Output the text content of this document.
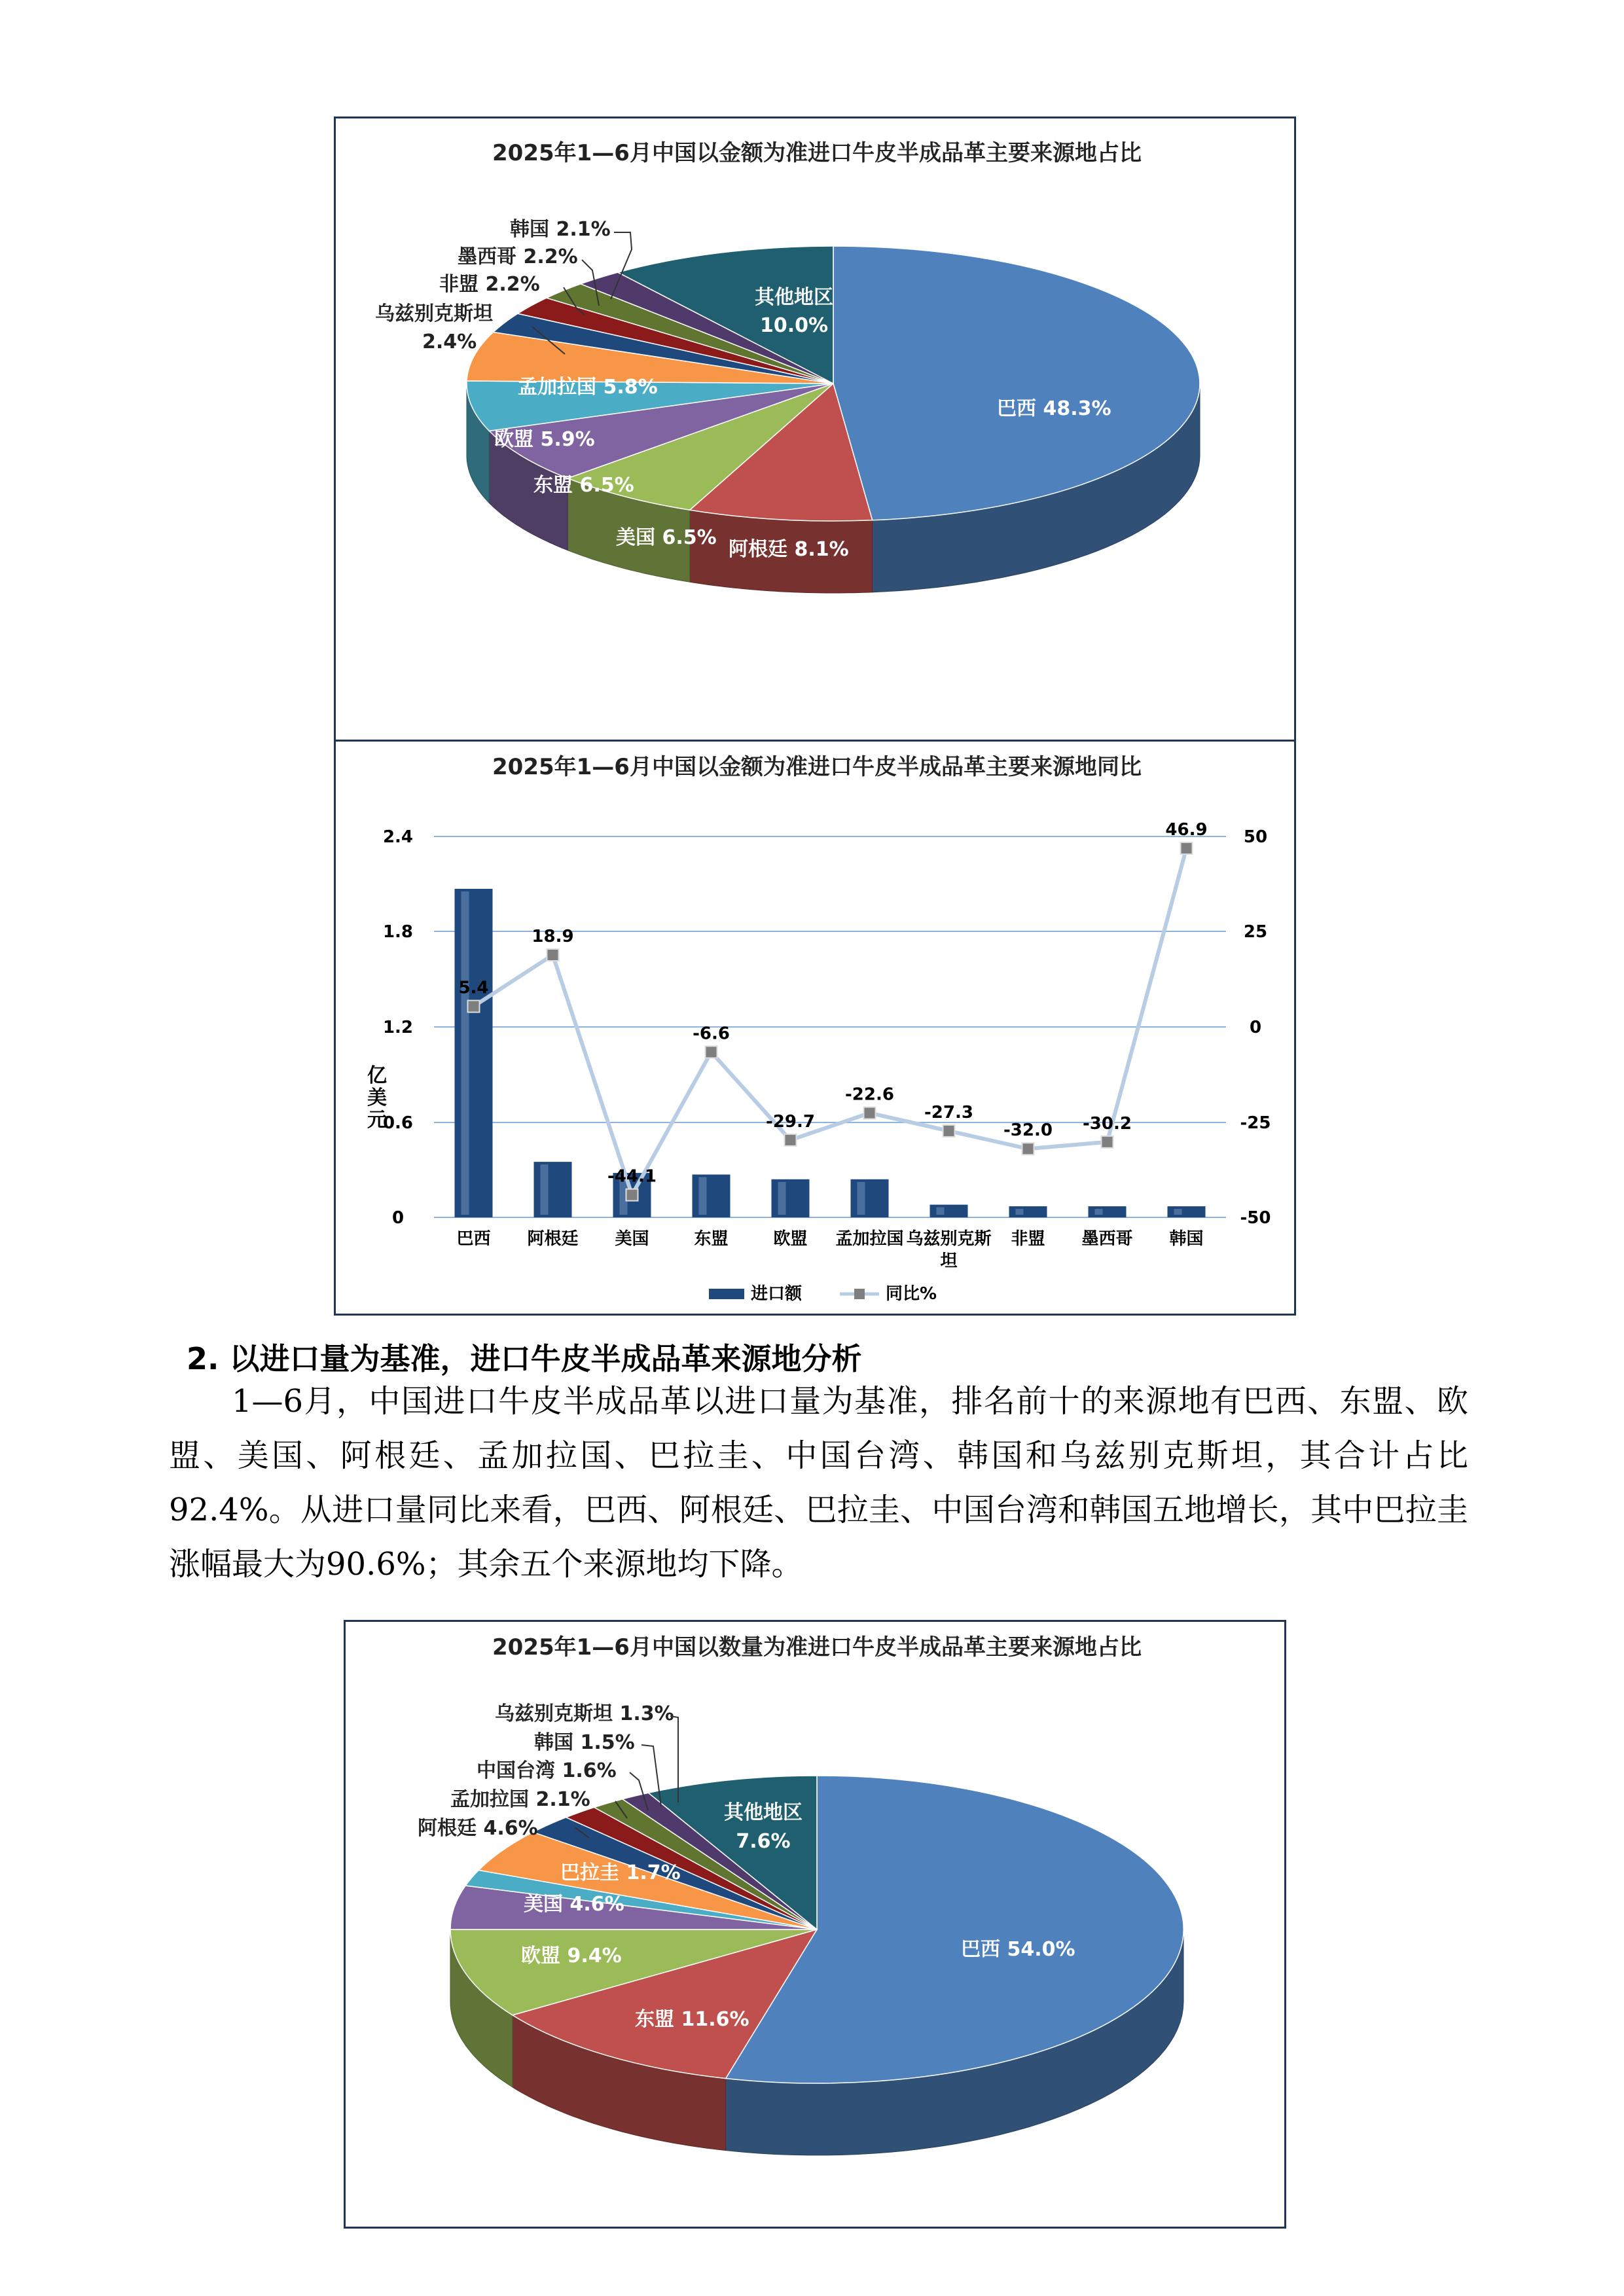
2025年1—6月中国以金额为准进口牛皮半成品革主要来源地占比
巴西 48.3%
阿根廷 8.1%
美国 6.5%
东盟 6.5%
欧盟 5.9%
孟加拉国 5.8%
其他地区
10.0%
乌兹别克斯坦
2.4%
非盟 2.2%
墨西哥 2.2%
韩国 2.1%
2025年1—6月中国以金额为准进口牛皮半成品革主要来源地同比
2.4
1.8
1.2
0.6
0
50
25
0
-25
-50
亿美元
5.4
18.9
-44.1
-6.6
-29.7
-22.6
-27.3
-32.0 -30.2
46.9
巴西 阿根廷 美国	东盟	欧盟 孟加拉国 乌兹别克斯
坦
非盟 墨西哥 韩国
进口额	同比%
2. 以进口量为基准，进口牛皮半成品革来源地分析
1—6月，中国进口牛皮半成品革以进口量为基准，排名前十的来源地有巴西、东盟、欧盟、美国、阿根廷、孟加拉国、巴拉圭、中国台湾、韩国和乌兹别克斯坦，其合计占比92.4%。从进口量同比来看，巴西、阿根廷、巴拉圭、中国台湾和韩国五地增长，其中巴拉圭涨幅最大为90.6%；其余五个来源地均下降。
2025年1—6月中国以数量为准进口牛皮半成品革主要来源地占比
巴西 54.0%
东盟 11.6%
欧盟 9.4%
美国 4.6%
巴拉圭 1.7%
其他地区
7.6%
阿根廷 4.6%
孟加拉国 2.1%
中国台湾 1.6%
韩国 1.5%
乌兹别克斯坦 1.3%
